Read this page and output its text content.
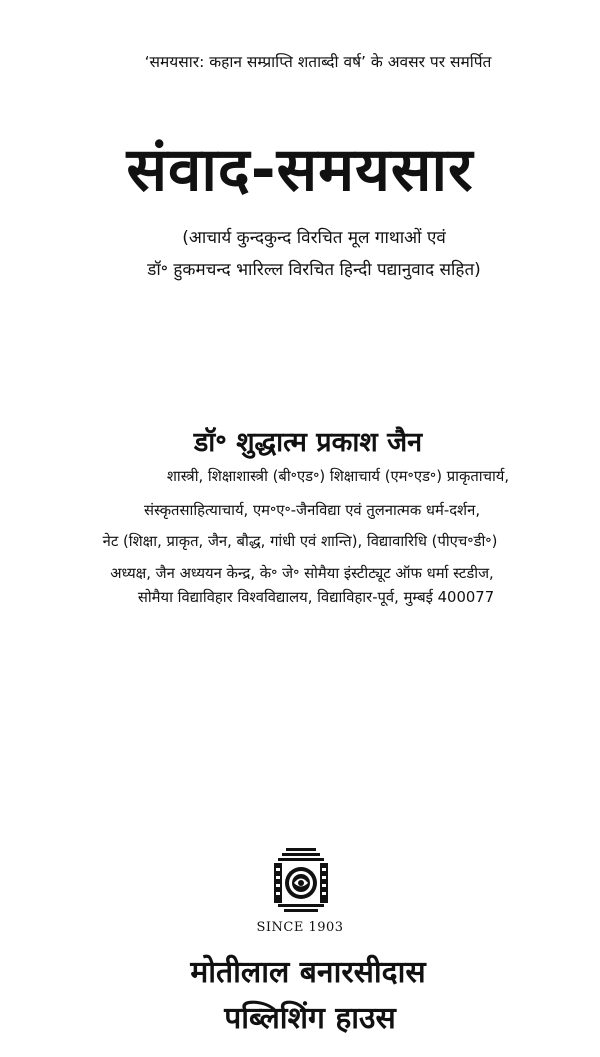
‘समयसार: कहान सम्प्राप्ति शताब्दी वर्ष’ के अवसर पर समर्पित
संवाद-समयसार
(आचार्य कुन्दकुन्द विरचित मूल गाथाओं एवं
डॉ॰ हुकमचन्द भारिल्ल विरचित हिन्दी पद्यानुवाद सहित)
डॉ॰ शुद्धात्म प्रकाश जैन
शास्त्री, शिक्षाशास्त्री (बी॰एड॰) शिक्षाचार्य (एम॰एड॰) प्राकृताचार्य,
संस्कृतसाहित्याचार्य, एम॰ए॰-जैनविद्या एवं तुलनात्मक धर्म-दर्शन,
नेट (शिक्षा, प्राकृत, जैन, बौद्ध, गांधी एवं शान्ति), विद्यावारिधि (पीएच॰डी॰)
अध्यक्ष, जैन अध्ययन केन्द्र, के॰ जे॰ सोमैया इंस्टीट्यूट ऑफ धर्मा स्टडीज,
सोमैया विद्याविहार विश्वविद्यालय, विद्याविहार-पूर्व, मुम्बई 400077
SINCE 1903
मोतीलाल बनारसीदास
पब्लिशिंग हाउस
